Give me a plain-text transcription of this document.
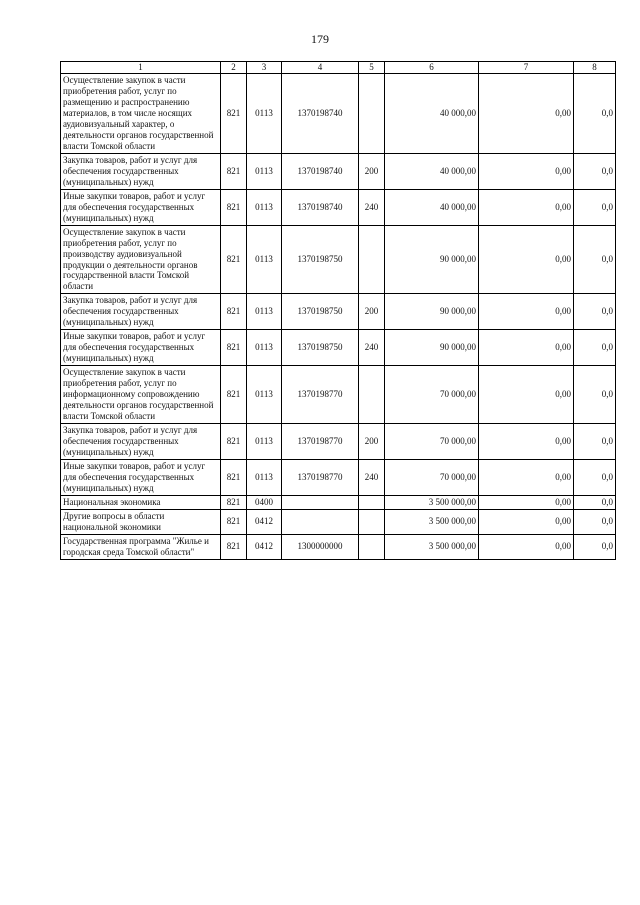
179
1	2	3	4	5	6	7	8
Осуществление закупок в части приобретения работ, услуг по размещению и распространению материалов, в том числе носящих аудиовизуальный характер, о деятельности органов государственной власти Томской области	821	0113	1370198740		40 000,00	0,00	0,0
Закупка товаров, работ и услуг для обеспечения государственных (муниципальных) нужд	821	0113	1370198740	200	40 000,00	0,00	0,0
Иные закупки товаров, работ и услуг для обеспечения государственных (муниципальных) нужд	821	0113	1370198740	240	40 000,00	0,00	0,0
Осуществление закупок в части приобретения работ, услуг по производству аудиовизуальной продукции о деятельности органов государственной власти Томской области	821	0113	1370198750		90 000,00	0,00	0,0
Закупка товаров, работ и услуг для обеспечения государственных (муниципальных) нужд	821	0113	1370198750	200	90 000,00	0,00	0,0
Иные закупки товаров, работ и услуг для обеспечения государственных (муниципальных) нужд	821	0113	1370198750	240	90 000,00	0,00	0,0
Осуществление закупок в части приобретения работ, услуг по информационному сопровождению деятельности органов государственной власти Томской области	821	0113	1370198770		70 000,00	0,00	0,0
Закупка товаров, работ и услуг для обеспечения государственных (муниципальных) нужд	821	0113	1370198770	200	70 000,00	0,00	0,0
Иные закупки товаров, работ и услуг для обеспечения государственных (муниципальных) нужд	821	0113	1370198770	240	70 000,00	0,00	0,0
Национальная экономика	821	0400			3 500 000,00	0,00	0,0
Другие вопросы в области национальной экономики	821	0412			3 500 000,00	0,00	0,0
Государственная программа "Жилье и городская среда Томской области"	821	0412	1300000000		3 500 000,00	0,00	0,0
